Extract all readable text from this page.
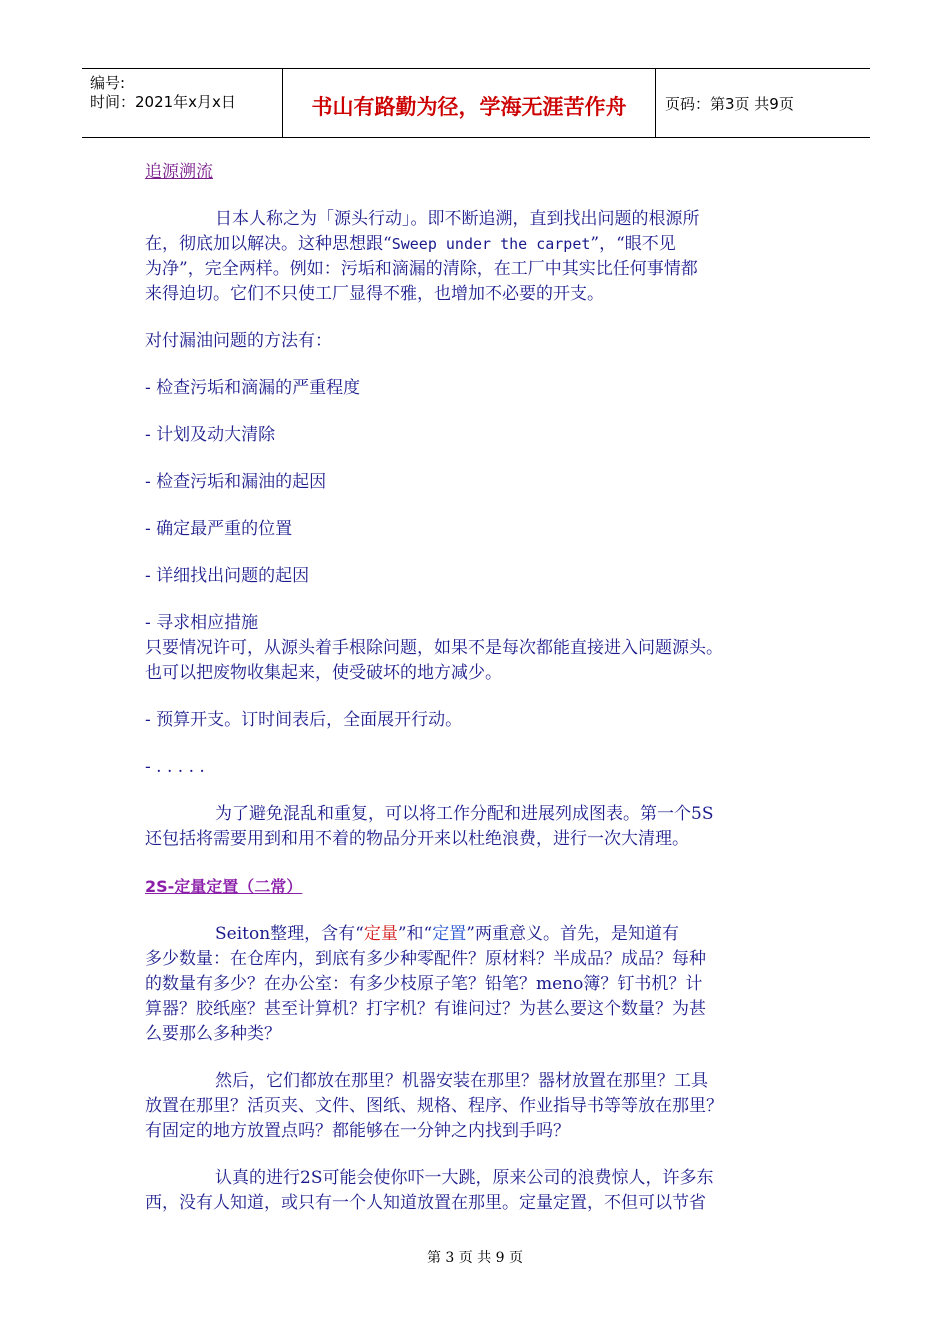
编号:
时间：2021年x月x日	书山有路勤为径，学海无涯苦作舟	页码：第3页 共9页
追源溯流
日本人称之为「源头行动」。即不断追溯，直到找出问题的根源所
在，彻底加以解决。这种思想跟“Sweep under the carpet”，“眼不见
为净”，完全两样。例如：污垢和滴漏的清除，在工厂中其实比任何事情都
来得迫切。它们不只使工厂显得不雅，也增加不必要的开支。
对付漏油问题的方法有：
- 检查污垢和滴漏的严重程度
- 计划及动大清除
- 检查污垢和漏油的起因
- 确定最严重的位置
- 详细找出问题的起因
- 寻求相应措施
只要情况许可，从源头着手根除问题，如果不是每次都能直接进入问题源头。
也可以把废物收集起来，使受破坏的地方减少。
- 预算开支。订时间表后，全面展开行动。
- . . . . .
为了避免混乱和重复，可以将工作分配和进展列成图表。第一个5S
还包括将需要用到和用不着的物品分开来以杜绝浪费，进行一次大清理。
2S-定量定置（二常）
Seiton整理，含有“定量”和“定置”两重意义。首先，是知道有
多少数量：在仓库内，到底有多少种零配件？原材料？半成品？成品？每种
的数量有多少？在办公室：有多少枝原子笔？铅笔？meno簿？钉书机？计
算器？胶纸座？甚至计算机？打字机？有谁问过？为甚么要这个数量？为甚
么要那么多种类？
然后，它们都放在那里？机器安装在那里？器材放置在那里？工具
放置在那里？活页夹、文件、图纸、规格、程序、作业指导书等等放在那里？
有固定的地方放置点吗？都能够在一分钟之内找到手吗？
认真的进行2S可能会使你吓一大跳，原来公司的浪费惊人，许多东
西，没有人知道，或只有一个人知道放置在那里。定量定置，不但可以节省
第 3 页 共 9 页
